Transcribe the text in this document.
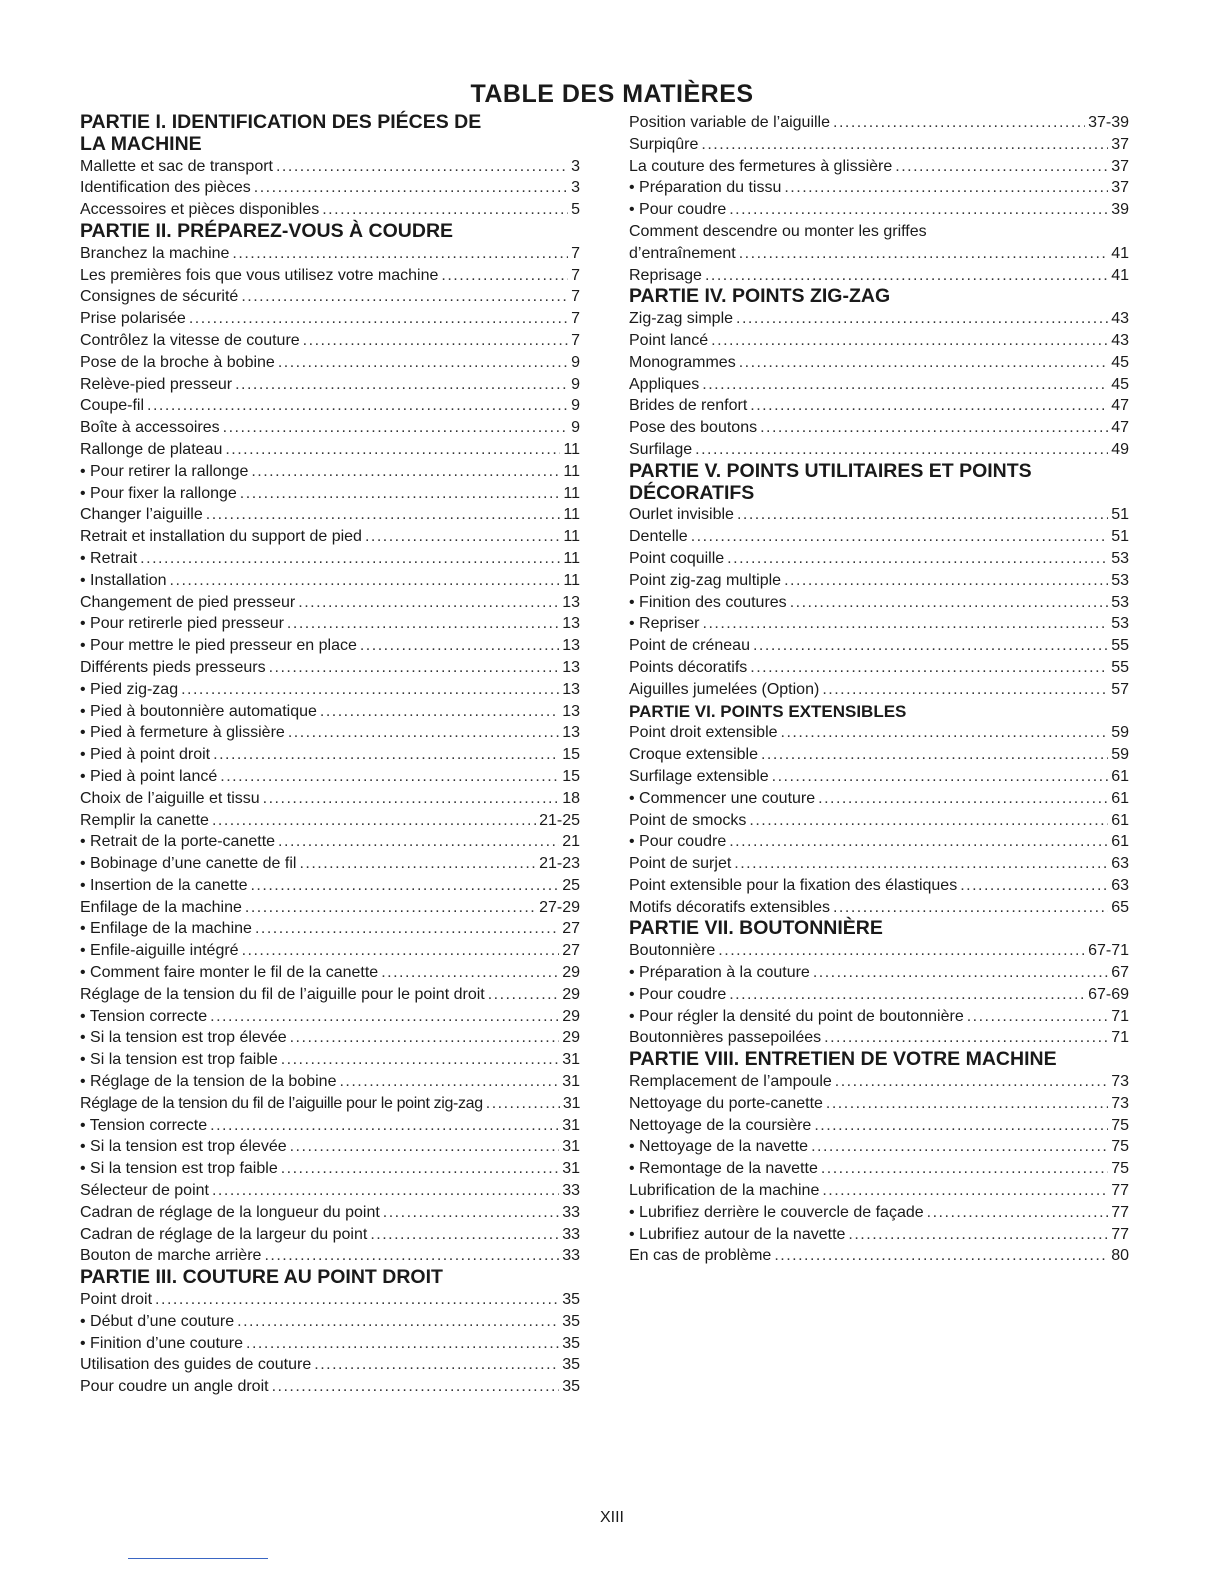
TABLE DES MATIÈRES
PARTIE I. IDENTIFICATION DES PIÉCES DE
LA MACHINE
Mallette et sac de transport .....	3
Identification des pièces .....	3
Accessoires et pièces disponibles .....	5
PARTIE II. PRÉPAREZ-VOUS À COUDRE
Branchez la machine .....	7
Les premières fois que vous utilisez votre machine .....	7
Consignes de sécurité .....	7
Prise polarisée .....	7
Contrôlez la vitesse de couture .....	7
Pose de la broche à bobine .....	9
Relève-pied presseur .....	9
Coupe-fil .....	9
Boîte à accessoires .....	9
Rallonge de plateau .....	11
• Pour retirer la rallonge .....	11
• Pour fixer la rallonge .....	11
Changer l’aiguille .....	11
Retrait et installation du support de pied .....	11
• Retrait .....	11
• Installation .....	11
Changement de pied presseur .....	13
• Pour retirerle pied presseur .....	13
• Pour mettre le pied presseur en place .....	13
Différents pieds presseurs .....	13
• Pied zig-zag .....	13
• Pied à boutonnière automatique .....	13
• Pied à fermeture à glissière .....	13
• Pied à point droit .....	15
• Pied à point lancé .....	15
Choix de l’aiguille et tissu .....	18
Remplir la canette .....	21-25
• Retrait de la porte-canette .....	21
• Bobinage d’une canette de fil .....	21-23
• Insertion de la canette .....	25
Enfilage de la machine .....	27-29
• Enfilage de la machine .....	27
• Enfile-aiguille intégré .....	27
• Comment faire monter le fil de la canette .....	29
Réglage de la tension du fil de l’aiguille pour le point droit .....	29
• Tension correcte .....	29
• Si la tension est trop élevée .....	29
• Si la tension est trop faible .....	31
• Réglage de la tension de la bobine .....	31
Réglage de la tension du fil de l’aiguille pour le point zig-zag .....	31
• Tension correcte .....	31
• Si la tension est trop élevée .....	31
• Si la tension est trop faible .....	31
Sélecteur de point .....	33
Cadran de réglage de la longueur du point .....	33
Cadran de réglage de la largeur du point .....	33
Bouton de marche arrière .....	33
PARTIE III. COUTURE AU POINT DROIT
Point droit .....	35
• Début d’une couture .....	35
• Finition d’une couture .....	35
Utilisation des guides de couture .....	35
Pour coudre un angle droit .....	35
Position variable de l’aiguille .....	37-39
Surpiqûre .....	37
La couture des fermetures à glissière .....	37
• Préparation du tissu .....	37
• Pour coudre .....	39
Comment descendre ou monter les griffes
d’entraînement .....	41
Reprisage .....	41
PARTIE IV. POINTS ZIG-ZAG
Zig-zag simple .....	43
Point lancé .....	43
Monogrammes .....	45
Appliques .....	45
Brides de renfort .....	47
Pose des boutons .....	47
Surfilage .....	49
PARTIE V. POINTS UTILITAIRES ET POINTS
DÉCORATIFS
Ourlet invisible .....	51
Dentelle .....	51
Point coquille .....	53
Point zig-zag multiple .....	53
• Finition des coutures .....	53
• Repriser .....	53
Point de créneau .....	55
Points décoratifs .....	55
Aiguilles jumelées (Option) .....	57
PARTIE VI. POINTS EXTENSIBLES
Point droit extensible .....	59
Croque extensible .....	59
Surfilage extensible .....	61
• Commencer une couture .....	61
Point de smocks .....	61
• Pour coudre .....	61
Point de surjet .....	63
Point extensible pour la fixation des élastiques .....	63
Motifs décoratifs extensibles .....	65
PARTIE VII. BOUTONNIÈRE
Boutonnière .....	67-71
• Préparation à la couture .....	67
• Pour coudre .....	67-69
• Pour régler la densité du point de boutonnière .....	71
Boutonnières passepoilées .....	71
PARTIE VIII. ENTRETIEN DE VOTRE MACHINE
Remplacement de l’ampoule .....	73
Nettoyage du porte-canette .....	73
Nettoyage de la coursière .....	75
• Nettoyage de la navette .....	75
• Remontage de la navette .....	75
Lubrification de la machine .....	77
• Lubrifiez derrière le couvercle de façade .....	77
• Lubrifiez autour de la navette .....	77
En cas de problème .....	80
XIII
